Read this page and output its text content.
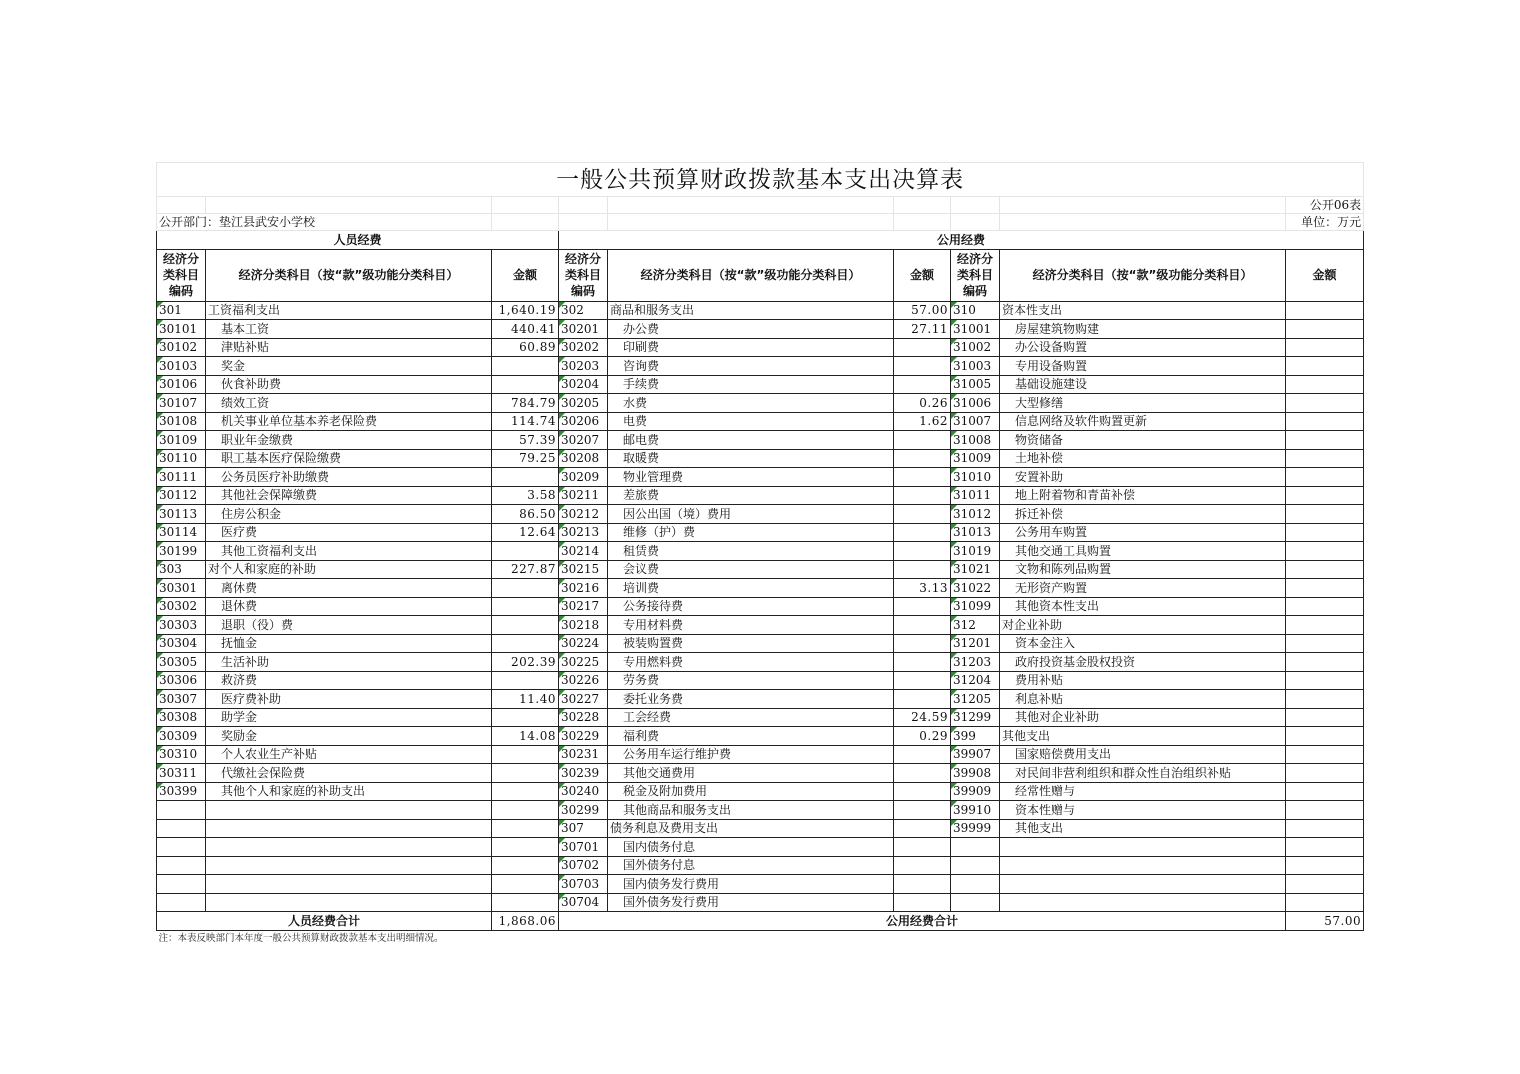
一般公共预算财政拨款基本支出决算表								
								公开06表
公开部门：垫江县武安小学校								单位：万元
人员经费			公用经费					
经济分类科目编码	经济分类科目（按“款”级功能分类科目）	金额	经济分类科目编码	经济分类科目（按“款”级功能分类科目）	金额	经济分类科目编码	经济分类科目（按“款”级功能分类科目）	金额
301	工资福利支出	1,640.19	302	商品和服务支出	57.00	310	资本性支出	
30101	基本工资	440.41	30201	办公费	27.11	31001	房屋建筑物购建	
30102	津贴补贴	60.89	30202	印刷费		31002	办公设备购置	
30103	奖金		30203	咨询费		31003	专用设备购置	
30106	伙食补助费		30204	手续费		31005	基础设施建设	
30107	绩效工资	784.79	30205	水费	0.26	31006	大型修缮	
30108	机关事业单位基本养老保险费	114.74	30206	电费	1.62	31007	信息网络及软件购置更新	
30109	职业年金缴费	57.39	30207	邮电费		31008	物资储备	
30110	职工基本医疗保险缴费	79.25	30208	取暖费		31009	土地补偿	
30111	公务员医疗补助缴费		30209	物业管理费		31010	安置补助	
30112	其他社会保障缴费	3.58	30211	差旅费		31011	地上附着物和青苗补偿	
30113	住房公积金	86.50	30212	因公出国（境）费用		31012	拆迁补偿	
30114	医疗费	12.64	30213	维修（护）费		31013	公务用车购置	
30199	其他工资福利支出		30214	租赁费		31019	其他交通工具购置	
303	对个人和家庭的补助	227.87	30215	会议费		31021	文物和陈列品购置	
30301	离休费		30216	培训费	3.13	31022	无形资产购置	
30302	退休费		30217	公务接待费		31099	其他资本性支出	
30303	退职（役）费		30218	专用材料费		312	对企业补助	
30304	抚恤金		30224	被装购置费		31201	资本金注入	
30305	生活补助	202.39	30225	专用燃料费		31203	政府投资基金股权投资	
30306	救济费		30226	劳务费		31204	费用补贴	
30307	医疗费补助	11.40	30227	委托业务费		31205	利息补贴	
30308	助学金		30228	工会经费	24.59	31299	其他对企业补助	
30309	奖励金	14.08	30229	福利费	0.29	399	其他支出	
30310	个人农业生产补贴		30231	公务用车运行维护费		39907	国家赔偿费用支出	
30311	代缴社会保险费		30239	其他交通费用		39908	对民间非营利组织和群众性自治组织补贴	
30399	其他个人和家庭的补助支出		30240	税金及附加费用		39909	经常性赠与	
			30299	其他商品和服务支出		39910	资本性赠与	
			307	债务利息及费用支出		39999	其他支出	
			30701	国内债务付息				
			30702	国外债务付息				
			30703	国内债务发行费用				
			30704	国外债务发行费用				
人员经费合计		1,868.06	公用经费合计					57.00
注：本表反映部门本年度一般公共预算财政拨款基本支出明细情况。								
